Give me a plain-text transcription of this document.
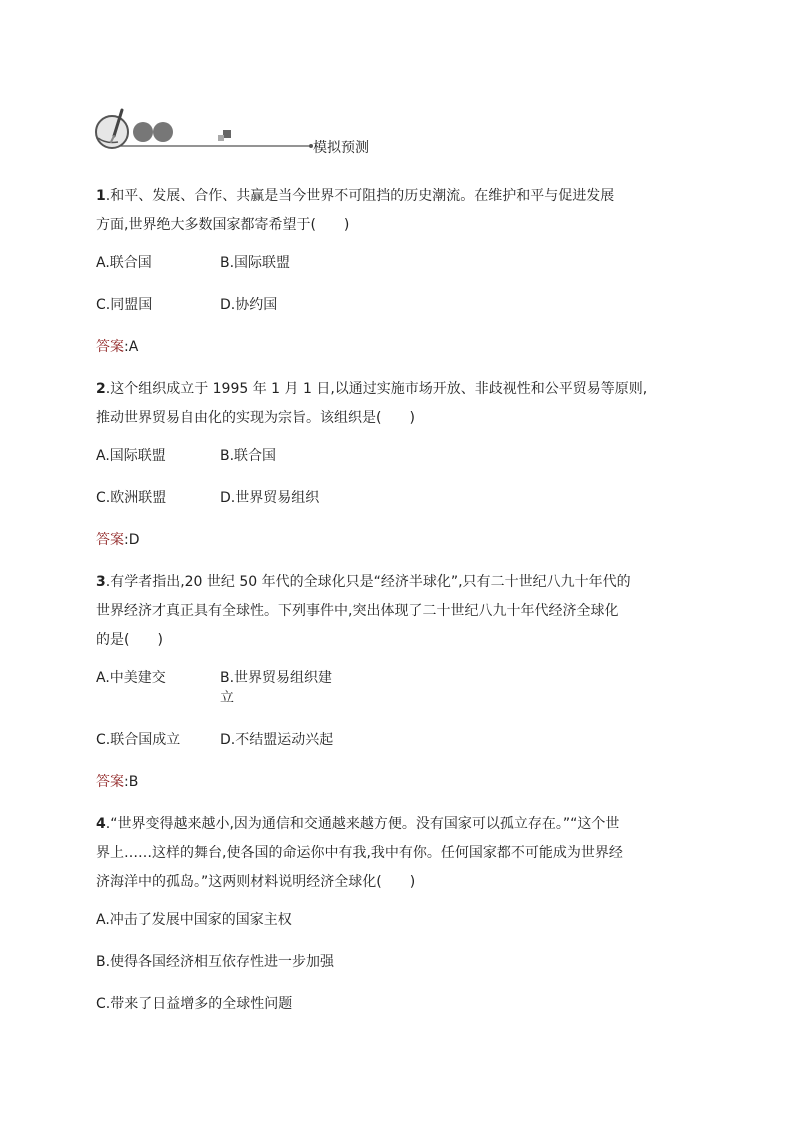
模拟预测

1.和平、发展、合作、共赢是当今世界不可阻挡的历史潮流。在维护和平与促进发展
方面,世界绝大多数国家都寄希望于(　　)

A.联合国	B.国际联盟
C.同盟国	D.协约国
答案:A

2.这个组织成立于 1995 年 1 月 1 日,以通过实施市场开放、非歧视性和公平贸易等原则,
推动世界贸易自由化的实现为宗旨。该组织是(　　)

A.国际联盟	B.联合国
C.欧洲联盟	D.世界贸易组织
答案:D

3.有学者指出,20 世纪 50 年代的全球化只是“经济半球化”,只有二十世纪八九十年代的
世界经济才真正具有全球性。下列事件中,突出体现了二十世纪八九十年代经济全球化
的是(　　)

A.中美建交	B.世界贸易组织建立
C.联合国成立	D.不结盟运动兴起
答案:B

4.“世界变得越来越小,因为通信和交通越来越方便。没有国家可以孤立存在。”“这个世
界上……这样的舞台,使各国的命运你中有我,我中有你。任何国家都不可能成为世界经
济海洋中的孤岛。”这两则材料说明经济全球化(　　)

A.冲击了发展中国家的国家主权
B.使得各国经济相互依存性进一步加强
C.带来了日益增多的全球性问题
